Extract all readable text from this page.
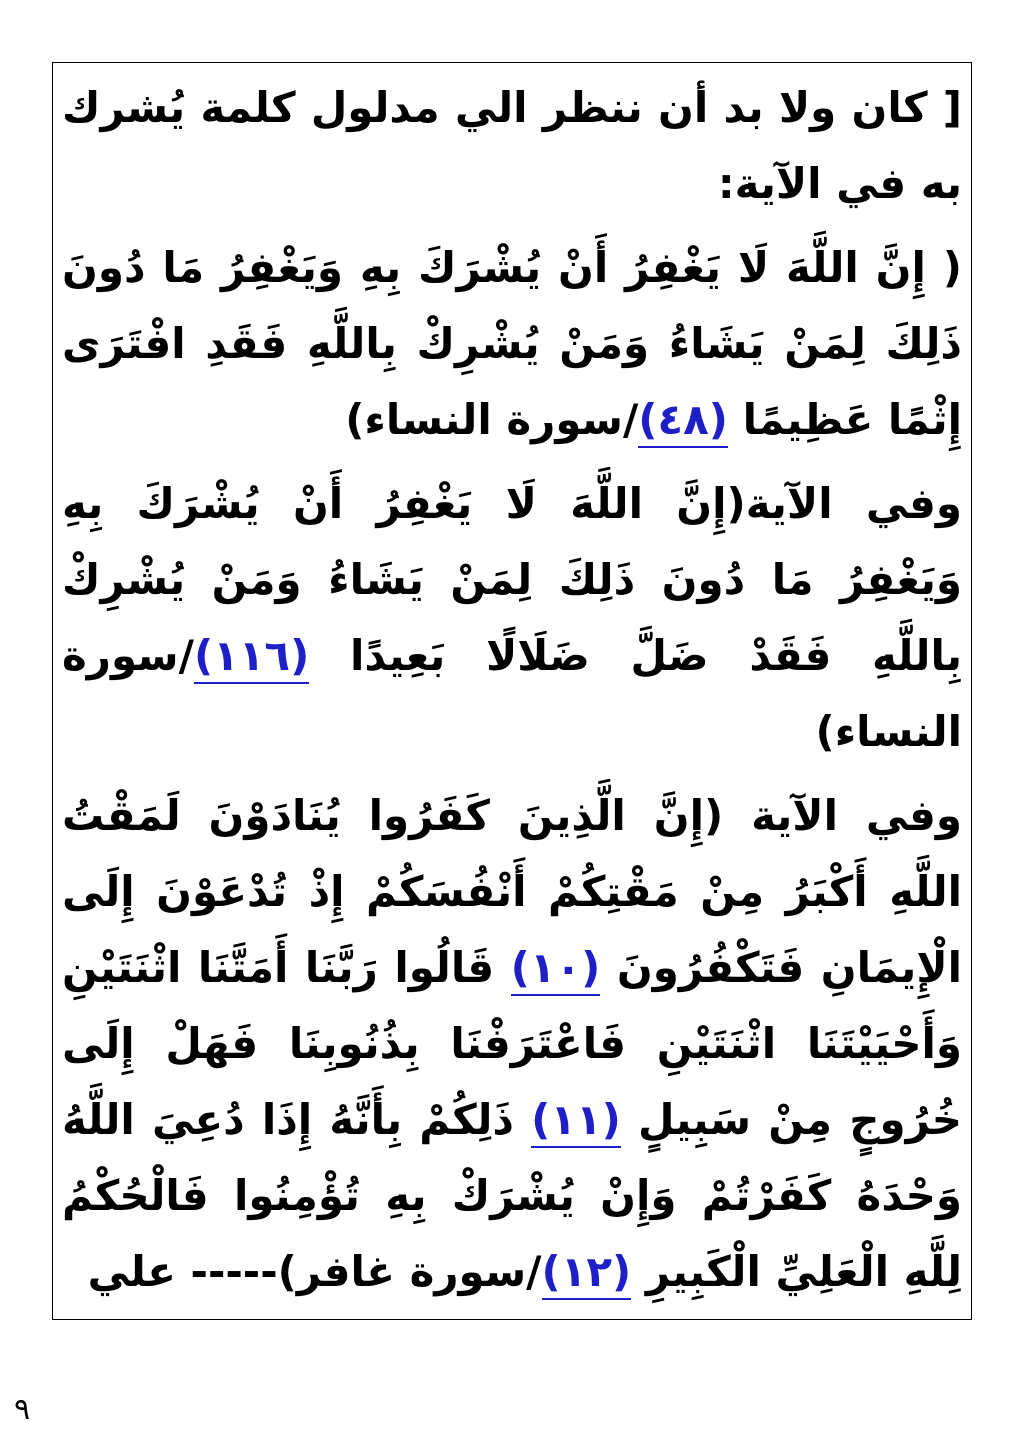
[ كان ولا بد أن ننظر الي مدلول كلمة يُشرك به في الآية:

( إِنَّ اللَّهَ لَا يَغْفِرُ أَنْ يُشْرَكَ بِهِ وَيَغْفِرُ مَا دُونَ ذَلِكَ لِمَنْ يَشَاءُ وَمَنْ يُشْرِكْ بِاللَّهِ فَقَدِ افْتَرَى إِثْمًا عَظِيمًا (٤٨)/سورة النساء)

وفي الآية(إِنَّ اللَّهَ لَا يَغْفِرُ أَنْ يُشْرَكَ بِهِ وَيَغْفِرُ مَا دُونَ ذَلِكَ لِمَنْ يَشَاءُ وَمَنْ يُشْرِكْ بِاللَّهِ فَقَدْ ضَلَّ ضَلَالًا بَعِيدًا (١١٦)/سورة النساء)

وفي الآية (إِنَّ الَّذِينَ كَفَرُوا يُنَادَوْنَ لَمَقْتُ اللَّهِ أَكْبَرُ مِنْ مَقْتِكُمْ أَنْفُسَكُمْ إِذْ تُدْعَوْنَ إِلَى الْإِيمَانِ فَتَكْفُرُونَ (١٠) قَالُوا رَبَّنَا أَمَتَّنَا اثْنَتَيْنِ وَأَحْيَيْتَنَا اثْنَتَيْنِ فَاعْتَرَفْنَا بِذُنُوبِنَا فَهَلْ إِلَى خُرُوجٍ مِنْ سَبِيلٍ (١١) ذَلِكُمْ بِأَنَّهُ إِذَا دُعِيَ اللَّهُ وَحْدَهُ كَفَرْتُمْ وَإِنْ يُشْرَكْ بِهِ تُؤْمِنُوا فَالْحُكْمُ لِلَّهِ الْعَلِيِّ الْكَبِيرِ (١٢)/سورة غافر)----- علي

٩
